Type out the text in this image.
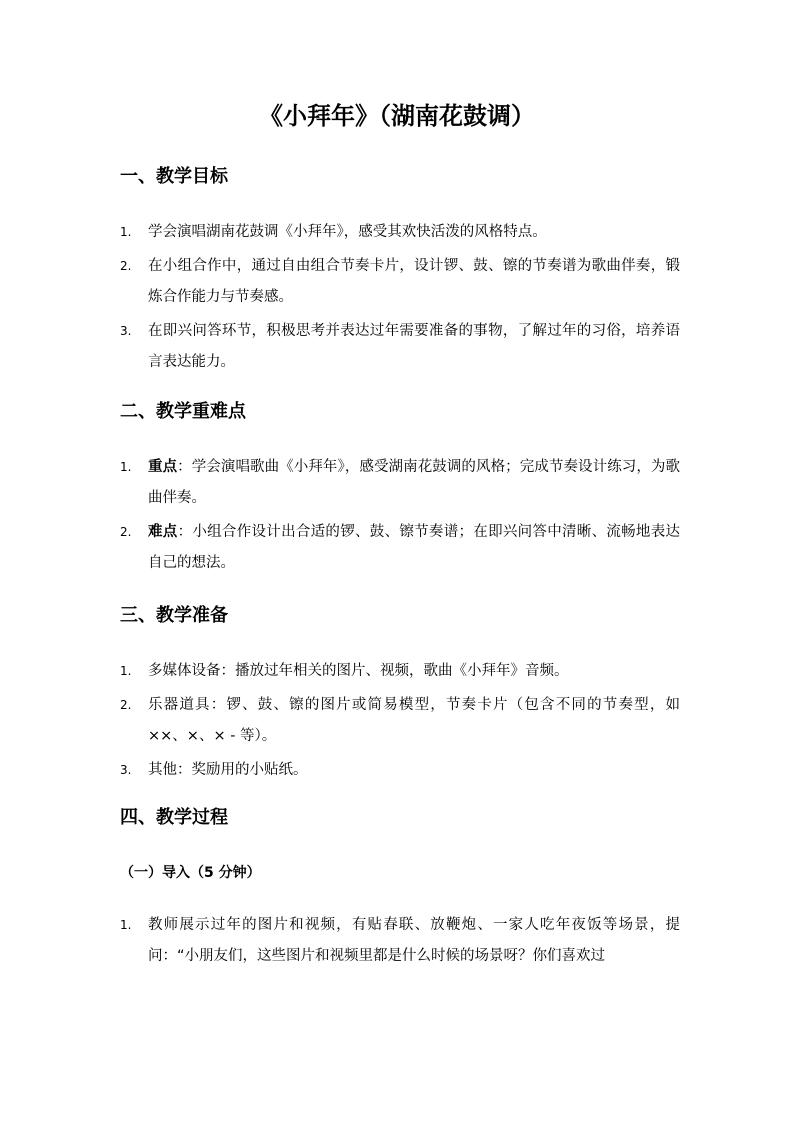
《小拜年》（湖南花鼓调）
一、教学目标
1. 学会演唱湖南花鼓调《小拜年》，感受其欢快活泼的风格特点。
2. 在小组合作中，通过自由组合节奏卡片，设计锣、鼓、镲的节奏谱为歌曲伴奏，锻炼合作能力与节奏感。
3. 在即兴问答环节，积极思考并表达过年需要准备的事物，了解过年的习俗，培养语言表达能力。
二、教学重难点
1. 重点：学会演唱歌曲《小拜年》，感受湖南花鼓调的风格；完成节奏设计练习，为歌曲伴奏。
2. 难点：小组合作设计出合适的锣、鼓、镲节奏谱；在即兴问答中清晰、流畅地表达自己的想法。
三、教学准备
1. 多媒体设备：播放过年相关的图片、视频，歌曲《小拜年》音频。
2. 乐器道具：锣、鼓、镲的图片或简易模型，节奏卡片（包含不同的节奏型，如 ××、×、× - 等）。
3. 其他：奖励用的小贴纸。
四、教学过程
（一）导入（5 分钟）
1. 教师展示过年的图片和视频，有贴春联、放鞭炮、一家人吃年夜饭等场景，提问：“小朋友们，这些图片和视频里都是什么时候的场景呀？你们喜欢过
